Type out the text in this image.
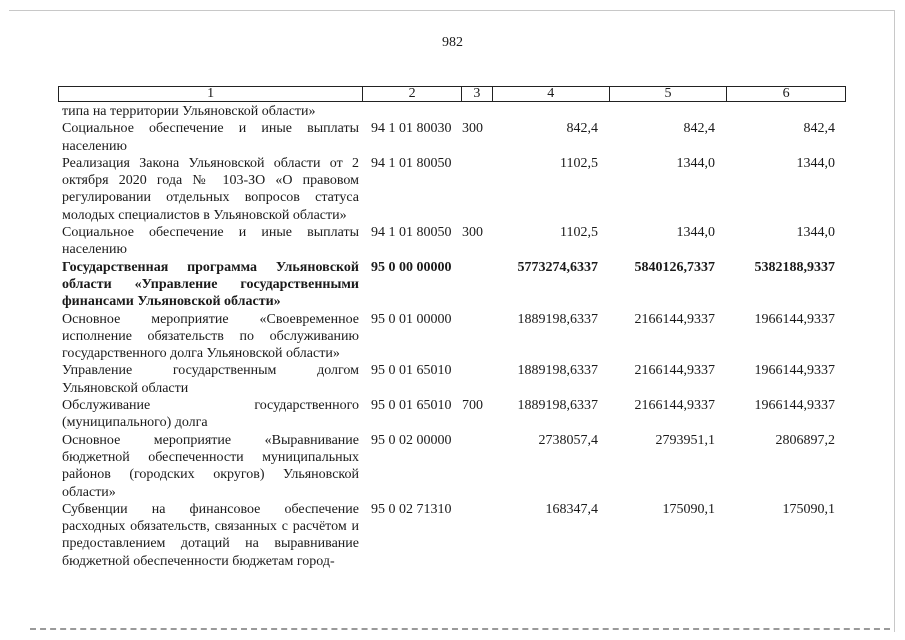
982
1	2	3	4	5	6
типа на территории Ульяновской области»
Социальное обеспечение и иные выплаты населению
94 1 01 80030 300	842,4	842,4	842,4
Реализация Закона Ульяновской области от 2 октября 2020 года № 103-ЗО «О правовом регулировании отдельных вопросов статуса молодых специалистов в Ульяновской области»
94 1 01 80050	1102,5	1344,0	1344,0
Социальное обеспечение и иные выплаты населению
94 1 01 80050 300	1102,5	1344,0	1344,0
Государственная программа Ульяновской области «Управление государственными финансами Ульяновской области»
95 0 00 00000	5773274,6337	5840126,7337	5382188,9337
Основное мероприятие «Своевременное исполнение обязательств по обслуживанию государственного долга Ульяновской области»
95 0 01 00000	1889198,6337	2166144,9337	1966144,9337
Управление государственным долгом Ульяновской области
95 0 01 65010	1889198,6337	2166144,9337	1966144,9337
Обслуживание государственного (муниципального) долга
95 0 01 65010 700	1889198,6337	2166144,9337	1966144,9337
Основное мероприятие «Выравнивание бюджетной обеспеченности муниципальных районов (городских округов) Ульяновской области»
95 0 02 00000	2738057,4	2793951,1	2806897,2
Субвенции на финансовое обеспечение расходных обязательств, связанных с расчётом и предоставлением дотаций на выравнивание бюджетной обеспеченности бюджетам город-
95 0 02 71310	168347,4	175090,1	175090,1
